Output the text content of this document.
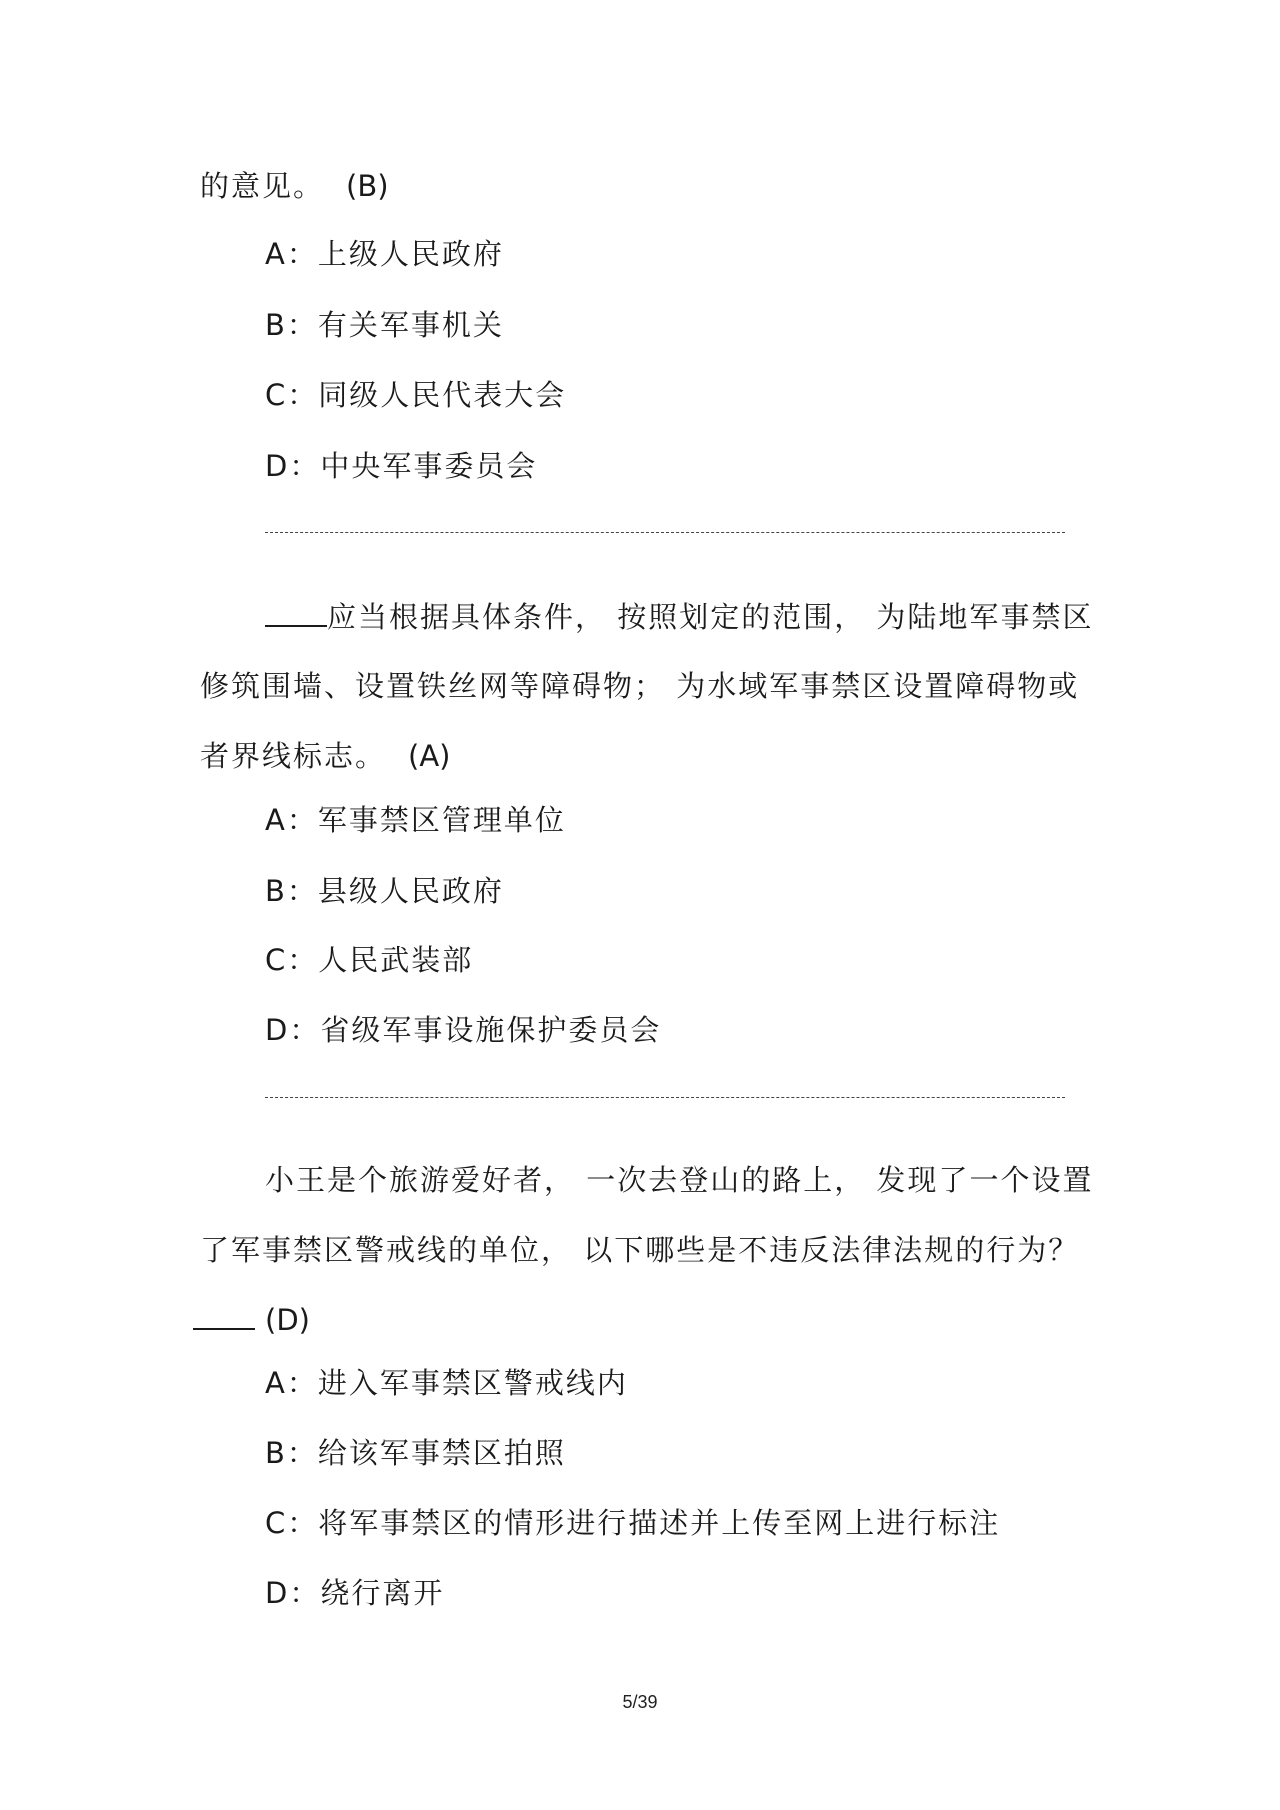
的意见。 (B)
A：上级人民政府
B：有关军事机关
C：同级人民代表大会
D：中央军事委员会
应当根据具体条件， 按照划定的范围， 为陆地军事禁区
修筑围墙、设置铁丝网等障碍物； 为水域军事禁区设置障碍物或
者界线标志。 (A)
A：军事禁区管理单位
B：县级人民政府
C：人民武装部
D：省级军事设施保护委员会
小王是个旅游爱好者， 一次去登山的路上， 发现了一个设置
了军事禁区警戒线的单位， 以下哪些是不违反法律法规的行为？
(D)
A：进入军事禁区警戒线内
B：给该军事禁区拍照
C：将军事禁区的情形进行描述并上传至网上进行标注
D：绕行离开
5/39
